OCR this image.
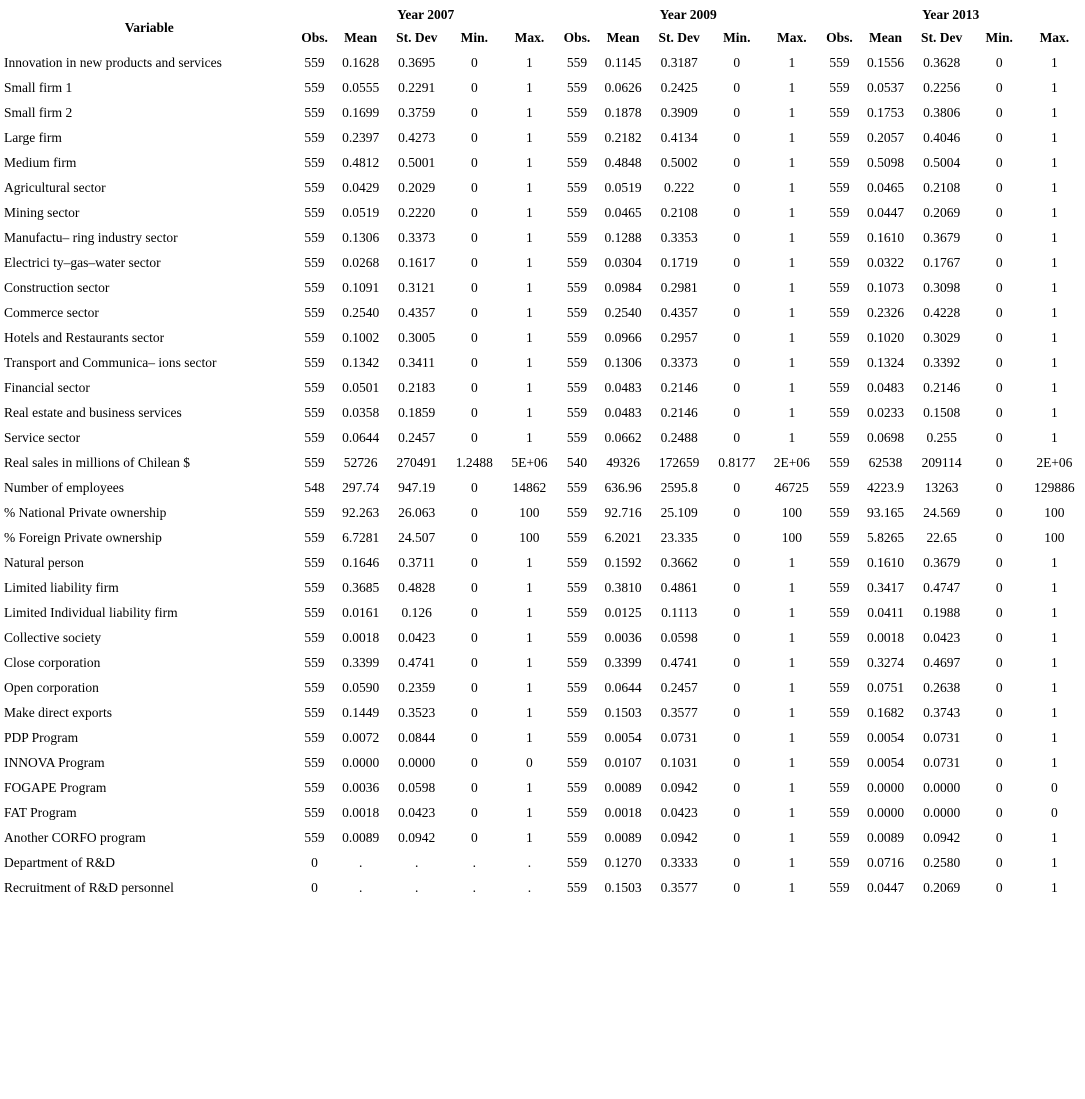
Variable	Year 2007					Year 2009					Year 2013				
	Obs.	Mean	St. Dev	Min.	Max.	Obs.	Mean	St. Dev	Min.	Max.	Obs.	Mean	St. Dev	Min.	Max.
Innovation in new products and services	559	0.1628	0.3695	0	1	559	0.1145	0.3187	0	1	559	0.1556	0.3628	0	1
Small firm 1	559	0.0555	0.2291	0	1	559	0.0626	0.2425	0	1	559	0.0537	0.2256	0	1
Small firm 2	559	0.1699	0.3759	0	1	559	0.1878	0.3909	0	1	559	0.1753	0.3806	0	1
Large firm	559	0.2397	0.4273	0	1	559	0.2182	0.4134	0	1	559	0.2057	0.4046	0	1
Medium firm	559	0.4812	0.5001	0	1	559	0.4848	0.5002	0	1	559	0.5098	0.5004	0	1
Agricultural sector	559	0.0429	0.2029	0	1	559	0.0519	0.222	0	1	559	0.0465	0.2108	0	1
Mining sector	559	0.0519	0.2220	0	1	559	0.0465	0.2108	0	1	559	0.0447	0.2069	0	1
Manufactu– ring industry sector	559	0.1306	0.3373	0	1	559	0.1288	0.3353	0	1	559	0.1610	0.3679	0	1
Electrici ty–gas–water sector	559	0.0268	0.1617	0	1	559	0.0304	0.1719	0	1	559	0.0322	0.1767	0	1
Construction sector	559	0.1091	0.3121	0	1	559	0.0984	0.2981	0	1	559	0.1073	0.3098	0	1
Commerce sector	559	0.2540	0.4357	0	1	559	0.2540	0.4357	0	1	559	0.2326	0.4228	0	1
Hotels and Restaurants sector	559	0.1002	0.3005	0	1	559	0.0966	0.2957	0	1	559	0.1020	0.3029	0	1
Transport and Communica– ions sector	559	0.1342	0.3411	0	1	559	0.1306	0.3373	0	1	559	0.1324	0.3392	0	1
Financial sector	559	0.0501	0.2183	0	1	559	0.0483	0.2146	0	1	559	0.0483	0.2146	0	1
Real estate and business services	559	0.0358	0.1859	0	1	559	0.0483	0.2146	0	1	559	0.0233	0.1508	0	1
Service sector	559	0.0644	0.2457	0	1	559	0.0662	0.2488	0	1	559	0.0698	0.255	0	1
Real sales in millions of Chilean $	559	52726	270491	1.2488	5E+06	540	49326	172659	0.8177	2E+06	559	62538	209114	0	2E+06
Number of employees	548	297.74	947.19	0	14862	559	636.96	2595.8	0	46725	559	4223.9	13263	0	129886
% National Private ownership	559	92.263	26.063	0	100	559	92.716	25.109	0	100	559	93.165	24.569	0	100
% Foreign Private ownership	559	6.7281	24.507	0	100	559	6.2021	23.335	0	100	559	5.8265	22.65	0	100
Natural person	559	0.1646	0.3711	0	1	559	0.1592	0.3662	0	1	559	0.1610	0.3679	0	1
Limited liability firm	559	0.3685	0.4828	0	1	559	0.3810	0.4861	0	1	559	0.3417	0.4747	0	1
Limited Individual liability firm	559	0.0161	0.126	0	1	559	0.0125	0.1113	0	1	559	0.0411	0.1988	0	1
Collective society	559	0.0018	0.0423	0	1	559	0.0036	0.0598	0	1	559	0.0018	0.0423	0	1
Close corporation	559	0.3399	0.4741	0	1	559	0.3399	0.4741	0	1	559	0.3274	0.4697	0	1
Open corporation	559	0.0590	0.2359	0	1	559	0.0644	0.2457	0	1	559	0.0751	0.2638	0	1
Make direct exports	559	0.1449	0.3523	0	1	559	0.1503	0.3577	0	1	559	0.1682	0.3743	0	1
PDP Program	559	0.0072	0.0844	0	1	559	0.0054	0.0731	0	1	559	0.0054	0.0731	0	1
INNOVA Program	559	0.0000	0.0000	0	0	559	0.0107	0.1031	0	1	559	0.0054	0.0731	0	1
FOGAPE Program	559	0.0036	0.0598	0	1	559	0.0089	0.0942	0	1	559	0.0000	0.0000	0	0
FAT Program	559	0.0018	0.0423	0	1	559	0.0018	0.0423	0	1	559	0.0000	0.0000	0	0
Another CORFO program	559	0.0089	0.0942	0	1	559	0.0089	0.0942	0	1	559	0.0089	0.0942	0	1
Department of R&D	0	.	.	.	.	559	0.1270	0.3333	0	1	559	0.0716	0.2580	0	1
Recruitment of R&D personnel	0	.	.	.	.	559	0.1503	0.3577	0	1	559	0.0447	0.2069	0	1
